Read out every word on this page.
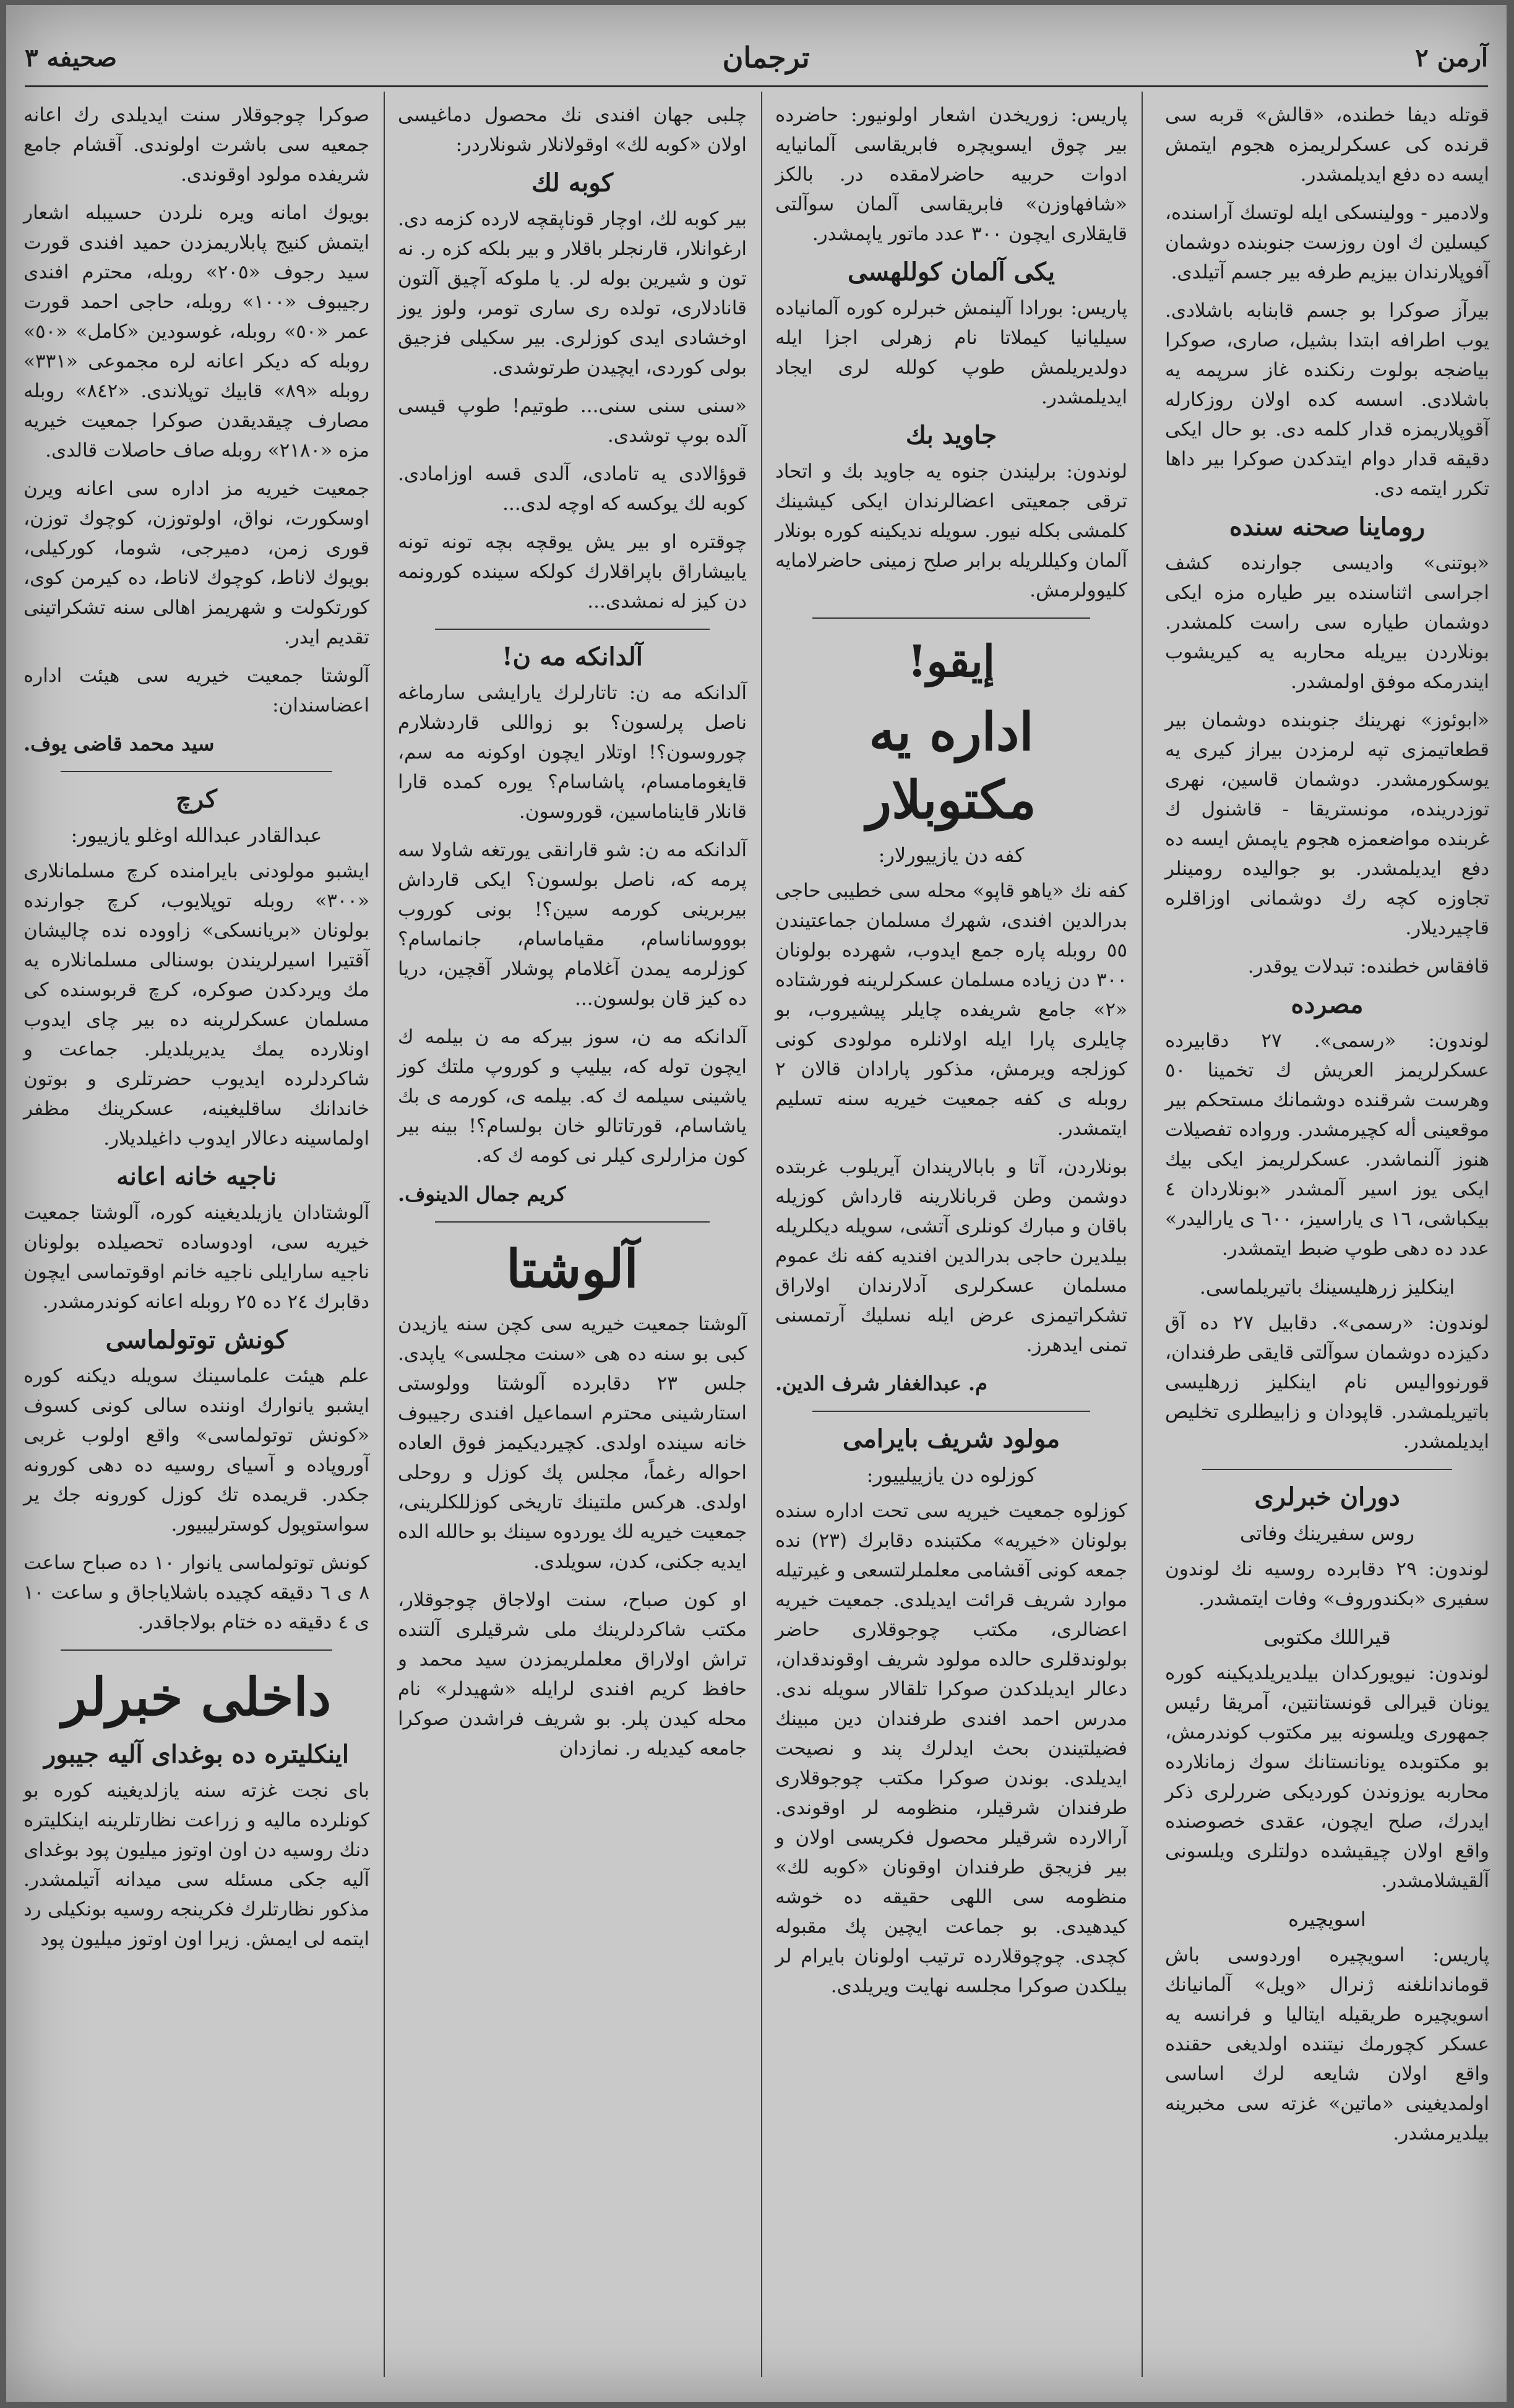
آرمن ٢
ترجمان
صحيفه ٣

قوتله ديفا خطنده، «قالش» قربه سى قرنده كى عسكرلريمزه هجوم ايتمش ايسه ده دفع ايديلمشدر.

ولادمير - وولينسكى ايله لوتسك آراسنده، كيسلين ك اون روزست جنوبنده دوشمان آفوپلارندان بيزيم طرفه بير جسم آتيلدى.

بيرآز صوكرا بو جسم قابنابه باشلادى. يوب اطرافه ابتدا بشيل، صارى، صوكرا بياضجه بولوت رنكنده غاز سرپمه يه باشلادى. اسسه كده اولان روزكارله آقوپلاريمزه قدار كلمه دى. بو حال ايكى دقيقه قدار دوام ايتدكدن صوكرا بير داها تكرر ايتمه دى.

روماينا صحنه سنده

«بوتنى» واديسى جوارنده كشف اجراسى اثناسنده بير طياره مزه ايكى دوشمان طياره سى راست كلمشدر. بونلاردن بيريله محاربه يه كيريشوب ايندرمكه موفق اولمشدر.

«ابوئوز» نهرينك جنوبنده دوشمان بير قطعاتيمزى تپه لرمزدن بيراز كيرى يه يوسكورمشدر. دوشمان قاسين، نهرى توزدرينده، مونستريقا - قاشنول ك غربنده مواضعمزه هجوم ياپمش ايسه ده دفع ايديلمشدر. بو جواليده رومينلر تجاوزه كچه رك دوشمانى اوزاقلره قاچيرديلار.

قافقاس خطنده: تبدلات يوقدر.

مصرده

لوندون: «رسمى». ٢٧ دقابيرده عسكرلريمز العريش ك تخمينا ٥٠ وهرست شرقنده دوشمانك مستحكم بير موقعينى أله كچيرمشدر. ورواده تفصيلات هنوز آلنماشدر. عسكرلريمز ايكى بيك ايكى يوز اسير آلمشدر «بونلاردان ٤ بيكباشى، ١٦ ى ياراسيز، ٦٠٠ ى ياراليدر» عدد ده دهى طوپ ضبط ايتمشدر.

اينكليز زرهليسينك باتيريلماسى.

لوندون: «رسمى». دقابيل ٢٧ ده آق دكيزده دوشمان سوآلتى قايقى طرفندان، قورنوواليس نام اينكليز زرهليسى باتيريلمشدر. قاپودان و زابيطلرى تخليص ايديلمشدر.

دوران خبرلرى
روس سفيرينك وفاتى

لوندون: ٢٩ دقابرده روسيه نك لوندون سفيرى «بكندوروف» وفات ايتمشدر.

قيراللك مكتوبى

لوندون: نيويوركدان بيلديريلديكينه كوره يونان قيرالى قونستانتين، آمريقا رئيس جمهورى ويلسونه بير مكتوب كوندرمش، بو مكتوبده يونانستانك سوك زمانلارده محاربه يوزوندن كورديكى ضررلرى ذكر ايدرك، صلح ايچون، عقدى خصوصنده واقع اولان چيقيشده دولتلرى ويلسونى آلقيشلامشدر.

اسويچيره

پاريس: اسويچيره اوردوسى باش قوماندانلغنه ژنرال «ويل» آلمانيانك اسويچيره طريقيله ايتاليا و فرانسه يه عسكر كچورمك نيتنده اولديغى حقنده واقع اولان شايعه لرك اساسى اولمديغينى «ماتين» غزته سى مخبرينه بيلديرمشدر.

پاريس: زوريخدن اشعار اولونيور: حاضرده بير چوق ايسويچره فابريقاسى آلمانيايه ادوات حربيه حاضرلامقده در. بالكز «شافهاوزن» فابريقاسى آلمان سوآلتى قايقلارى ايچون ٣٠٠ عدد ماتور ياپمشدر.

يكى آلمان كوللهسى

پاريس: بورادا آلينمش خبرلره كوره آلمانياده سيليانيا كيملاتا نام زهرلى اجزا ايله دولديريلمش طوپ كولله لرى ايجاد ايديلمشدر.

جاويد بك

لوندون: برلیندن جنوه يه جاويد بك و اتحاد ترقى جمعيتى اعضالرندان ايكى كيشينك كلمشى بكله نيور. سويله نديكينه كوره بونلار آلمان وكيللريله برابر صلح زمينى حاضرلامايه كليوولرمش.

إيقو!
اداره يه مكتوبلار
كفه دن يازييورلار:

كفه نك «ياهو قاپو» محله سى خطيبى حاجى بدرالدين افندى، شهرك مسلمان جماعتيندن ٥٥ روبله پاره جمع ايدوب، شهرده بولونان ٣٠٠ دن زياده مسلمان عسكرلرينه فورشتاده «٢» جامع شريفده چايلر پيشيروب، بو چايلرى پارا ايله اولانلره مولودى كونى كوزلجه ويرمش، مذكور پارادان قالان ٢ روبله ى كفه جمعيت خيريه سنه تسليم ايتمشدر.

بونلاردن، آتا و بابالاريندان آيريلوب غربتده دوشمن وطن قربانلارينه قارداش كوزيله باقان و مبارك كونلرى آتشى، سويله ديكلريله بيلديرن حاجى بدرالدين افنديه كفه نك عموم مسلمان عسكرلرى آدلارندان اولاراق تشكراتيمزى عرض ايله نسليك آرتمسنى تمنى ايدهرز.

م. عبدالغفار شرف الدين.
مولود شريف بايرامى
كوزلوه دن يازييلييور:

كوزلوه جمعيت خيريه سى تحت اداره سنده بولونان «خيريه» مكتبنده دقابرك (٢٣) نده جمعه كونى آقشامى معلملرلتسعى و غيرتيله موارد شريف قرائت ايديلدى. جمعيت خيريه اعضالرى، مكتب چوجوقلارى حاضر بولوندقلرى حالده مولود شريف اوقوندقدان، دعالر ايديلدكدن صوكرا تلقالار سويله ندى. مدرس احمد افندى طرفندان دين مبينك فضيلتيندن بحث ايدلرك پند و نصيحت ايديلدى. بوندن صوكرا مكتب چوجوقلارى طرفندان شرقيلر، منظومه لر اوقوندى. آرالارده شرقيلر محصول فكريسى اولان و بير فزيجق طرفندان اوقونان «كوبه لك» منظومه سى اللهى حقيقه ده خوشه كيدهيدى. بو جماعت ايچين پك مقبوله كچدى. چوچوقلارده ترتيب اولونان بايرام لر بيلكدن صوكرا مجلسه نهايت ويريلدى.

چلبى جهان افندى نك محصول دماغيسى اولان «كوبه لك» اوقولانلار شونلاردر:

كوبه لك

بير كوبه لك، اوچار قوناپقچه لارده كزمه دى. ارغوانلار، قارنجلر باقلار و بير بلكه كزه ر. نه تون و شيرين بوله لر. يا ملوكه آچيق آلتون قانادلارى، تولده رى سارى تومر، ولوز يوز اوخشادى ايدى كوزلرى. بير سكيلى فزجيق بولى كوردى، ايچيدن طرتوشدى.

«سنى سنى سنى... طوتيم! طوپ قيسى آلده بوپ توشدى.

قوؤالادى يه تامادى، آلدى قسه اوزامادى. كوبه لك يوكسه كه اوچه لدى...

چوقتره او بير يش يوقچه بچه تونه تونه يابيشاراق باپراقلارك كولكه سينده كورونمه دن كيز له نمشدى...

آلدانكه مه ن!

آلدانكه مه ن: تاتارلرك يارايشى سارماغه ناصل پرلسون؟ بو زواللى قاردشلارم چوروسون؟! اوتلار ايچون اوكونه مه سم، قايغومامسام، پاشاسام؟ يوره كمده قارا قانلار قايناماسين، قوروسون.

آلدانكه مه ن: شو قارانقى يورتغه شاولا سه پرمه كه، ناصل بولسون؟ ايكى قارداش بيربرينى كورمه سين؟! بونى كوروب بوووساناسام، مقياماسام، جانماسام؟ كوزلرمه يمدن آغلامام پوشلار آقچين، دريا ده كيز قان بولسون...

آلدانكه مه ن، سوز بيركه مه ن بيلمه ك ايچون توله كه، بيليپ و كوروپ ملتك كوز ياشينى سيلمه ك كه. بيلمه ى، كورمه ى بك ياشاسام، قورتاتالو خان بولسام؟! بينه بير كون مزارلرى كيلر نى كومه ك كه.

كريم جمال الدينوف.
آلوشتا

آلوشتا جمعيت خيريه سى كچن سنه يازيدن كبى بو سنه ده هى «سنت مجلسى» ياپدى. جلس ٢٣ دقابرده آلوشتا وولوستى استارشينى محترم اسماعيل افندى رجيبوف خانه سينده اولدى. كچيرديكيمز فوق العاده احواله رغماً، مجلس پك كوزل و روحلى اولدى. هركس ملتينك تاريخى كوزللكلرينى، جمعيت خيريه لك يوردوه سينك بو حالله الده ايديه جكنى، كدن، سويلدى.

او كون صباح، سنت اولاجاق چوجوقلار، مكتب شاكردلرينك ملى شرقيلرى آلتنده تراش اولاراق معلملريمزدن سيد محمد و حافظ كريم افندى لرايله «شهيدلر» نام محله كيدن پلر. بو شريف فراشدن صوكرا جامعه كيديله ر. نمازدان

صوكرا چوجوقلار سنت ايديلدى رك اعانه جمعيه سى باشرت اولوندى. آقشام جامع شريفده مولود اوقوندى.

بويوك امانه ويره نلردن حسيبله اشعار ايتمش كنيج پابلاريمزدن حميد افندى قورت سيد رجوف «٢٠٥» روبله، محترم افندى رجيبوف «١٠٠» روبله، حاجى احمد قورت عمر «٥٠» روبله، غوسودين «كامل» «٥٠» روبله كه ديكر اعانه لره مجموعى «٣٣١» روبله «٨٩» قابيك توپلاندى. «٨٤٢» روبله مصارف چيقديقدن صوكرا جمعيت خيريه مزه «٢١٨٠» روبله صاف حاصلات قالدى.

جمعيت خيريه مز اداره سى اعانه ويرن اوسكورت، نواق، اولوتوزن، كوچوك توزن، قورى زمن، دميرجى، شوما، كوركيلى، بويوك لاناط، كوچوك لاناط، ده كيرمن كوى، كورتكولت و شهريمز اهالى سنه تشكراتينى تقديم ايدر.

آلوشتا جمعيت خيريه سى هيئت اداره اعضاسندان:

سيد محمد قاضى يوف.
كرچ
عبدالقادر عبدالله اوغلو يازييور:

ايشبو مولودنى بايرامنده كرچ مسلمانلارى «٣٠٠» روبله توپلايوب، كرچ جوارنده بولونان «بريانسكى» زاووده نده چاليشان آقتيرا اسيرلريندن بوسنالى مسلمانلاره يه مك ويردكدن صوكره، كرچ قربوسنده كى مسلمان عسكرلرينه ده بير چاى ايدوب اونلارده يمك يديريلديلر. جماعت و شاكردلرده ايديوب حضرتلرى و بوتون خاندانك ساقليغينه، عسكرينك مظفر اولماسينه دعالار ايدوب داغيلديلار.

ناجيه خانه اعانه

آلوشتادان يازيلديغينه كوره، آلوشتا جمعيت خيريه سى، اودوساده تحصيلده بولونان ناجيه سارايلى ناجيه خانم اوقوتماسى ايچون دقابرك ٢٤ ده ٢٥ روبله اعانه كوندرمشدر.

كونش توتولماسى

علم هيئت علماسينك سويله ديكنه كوره ايشبو يانوارك اوننده سالى كونى كسوف «كونش توتولماسى» واقع اولوب غربى آوروپاده و آسياى روسيه ده دهى كورونه جكدر. قريمده تك كوزل كورونه جك ير سواستوپول كوسترليبيور.

كونش توتولماسى يانوار ١٠ ده صباح ساعت ٨ ى ٦ دقيقه كچيده باشلاياجاق و ساعت ١٠ ى ٤ دقيقه ده ختام بولاجاقدر.

داخلى خبرلر
اينكليتره ده بوغداى آليه جيبور

باى نجت غزته سنه يازلديغينه كوره بو كونلرده ماليه و زراعت نظارتلرينه اينكليتره دنك روسيه دن اون اوتوز ميليون پود بوغداى آليه جكى مسئله سى ميدانه آتيلمشدر. مذكور نظارتلرك فكرينجه روسيه بونكيلى رد ايتمه لى ايمش. زيرا اون اوتوز ميليون پود
